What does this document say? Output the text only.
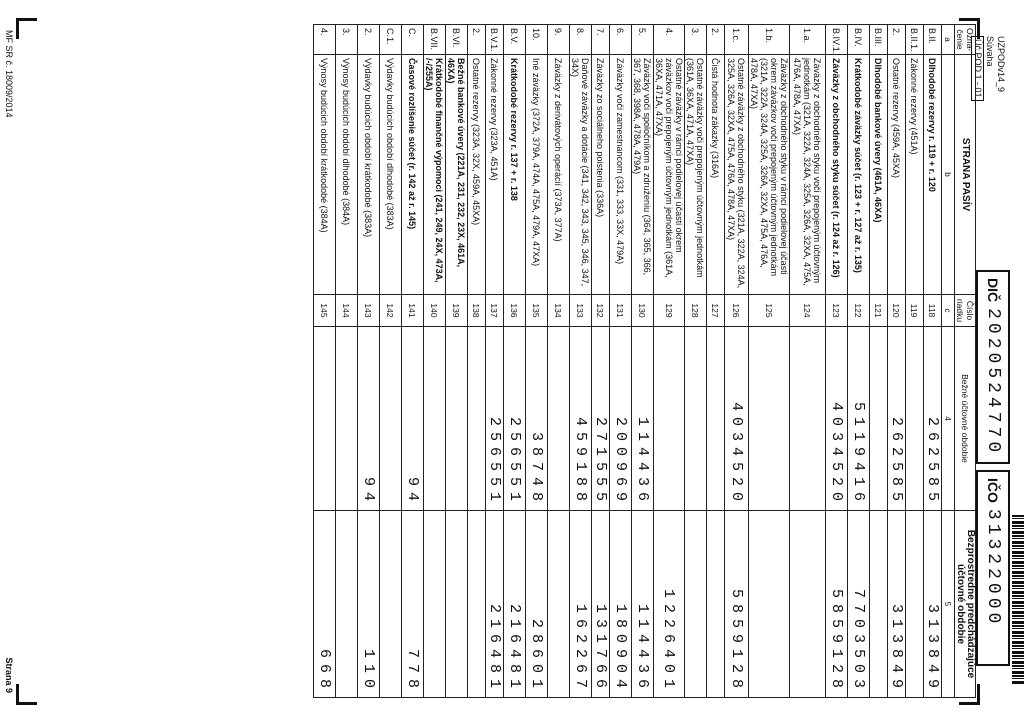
UZPODv14_9
Súvaha
Úč POD 1 - 01
DIČ
2020524770
IČO
31322000
Ozna-čenie	STRANA PASÍV	Číslo riadku	Bežné účtovné obdobie	Bezprostredne predchádzajúce účtovné obdobie
a	b	c	4	5
B.II.	Dlhodobé rezervy r. 119 + r. 120	118	262585	313849
B.II.1.	Zákonné rezervy (451A)	119		
2.	Ostatné rezervy (459A, 45XA)	120	262585	313849
B.III.	Dlhodobé bankové úvery (461A, 46XA)	121		
B.IV.	Krátkodobé záväzky súčet (r. 123 + r. 127 až r. 135)	122	5119416	7703503
B.IV.1.	Záväzky z obchodného styku súčet (r. 124 až r. 126)	123	4034520	5859128
1.a.	Záväzky z obchodného styku voči prepojeným účtovným jednotkám (321A, 322A, 324A, 325A, 326A, 32XA, 475A, 476A, 478A, 47XA)	124		
1.b.	Záväzky z obchodného styku v rámci podielovej účasti okrem záväzkov voči prepojeným účtovným jednotkám (321A, 322A, 324A, 325A, 326A, 32XA, 475A, 476A, 478A, 47XA)	125		
1.c.	Ostatné záväzky z obchodného styku (321A, 322A, 324A, 325A, 326A, 32XA, 475A, 476A, 478A, 47XA)	126	4034520	5859128
2.	Čistá hodnota zákazky (316A)	127		
3.	Ostatné záväzky voči prepojeným účtovným jednotkám (361A, 36XA, 471A, 47XA)	128		
4.	Ostatné záväzky v rámci podielovej účasti okrem záväzkov voči prepojeným účtovným jednotkám (361A, 36XA, 471A, 47XA)	129		1226401
5.	Záväzky voči spoločníkom a združeniu (364, 365, 366, 367, 368, 398A, 478A, 479A)	130	114436	114436
6.	Záväzky voči zamestnancom (331, 333, 33X, 479A)	131	200969	180904
7.	Záväzky zo sociálneho poistenia (336A)	132	271555	131766
8.	Daňové záväzky a dotácie (341, 342, 343, 345, 346, 347, 34X)	133	459188	162267
9.	Záväzky z derivátových operácií (373A, 377A)	134		
10.	Iné záväzky (372A, 379A, 474A, 475A, 479A, 47XA)	135	38748	28601
B.V.	Krátkodobé rezervy r. 137 + r. 138	136	256551	216481
B.V.1.	Zákonné rezervy (323A, 451A)	137	256551	216481
2.	Ostatné rezervy (323A, 32X, 459A, 45XA)	138		
B.VI.	Bežné bankové úvery (221A, 231, 232, 23X, 461A, 46XA)	139		
B.VII.	Krátkodobé finančné výpomoci (241, 249, 24X, 473A, /-/255A)	140		
C.	Časové rozlíšenie súčet (r. 142 až r. 145)	141	94	778
C.1.	Výdavky budúcich období dlhodobé (383A)	142		
2.	Výdavky budúcich období krátkodobé (383A)	143	94	110
3.	Výnosy budúcich období dlhodobé (384A)	144		
4.	Výnosy budúcich období krátkodobé (384A)	145		668
MF SR č. 18009/2014
Strana 9
